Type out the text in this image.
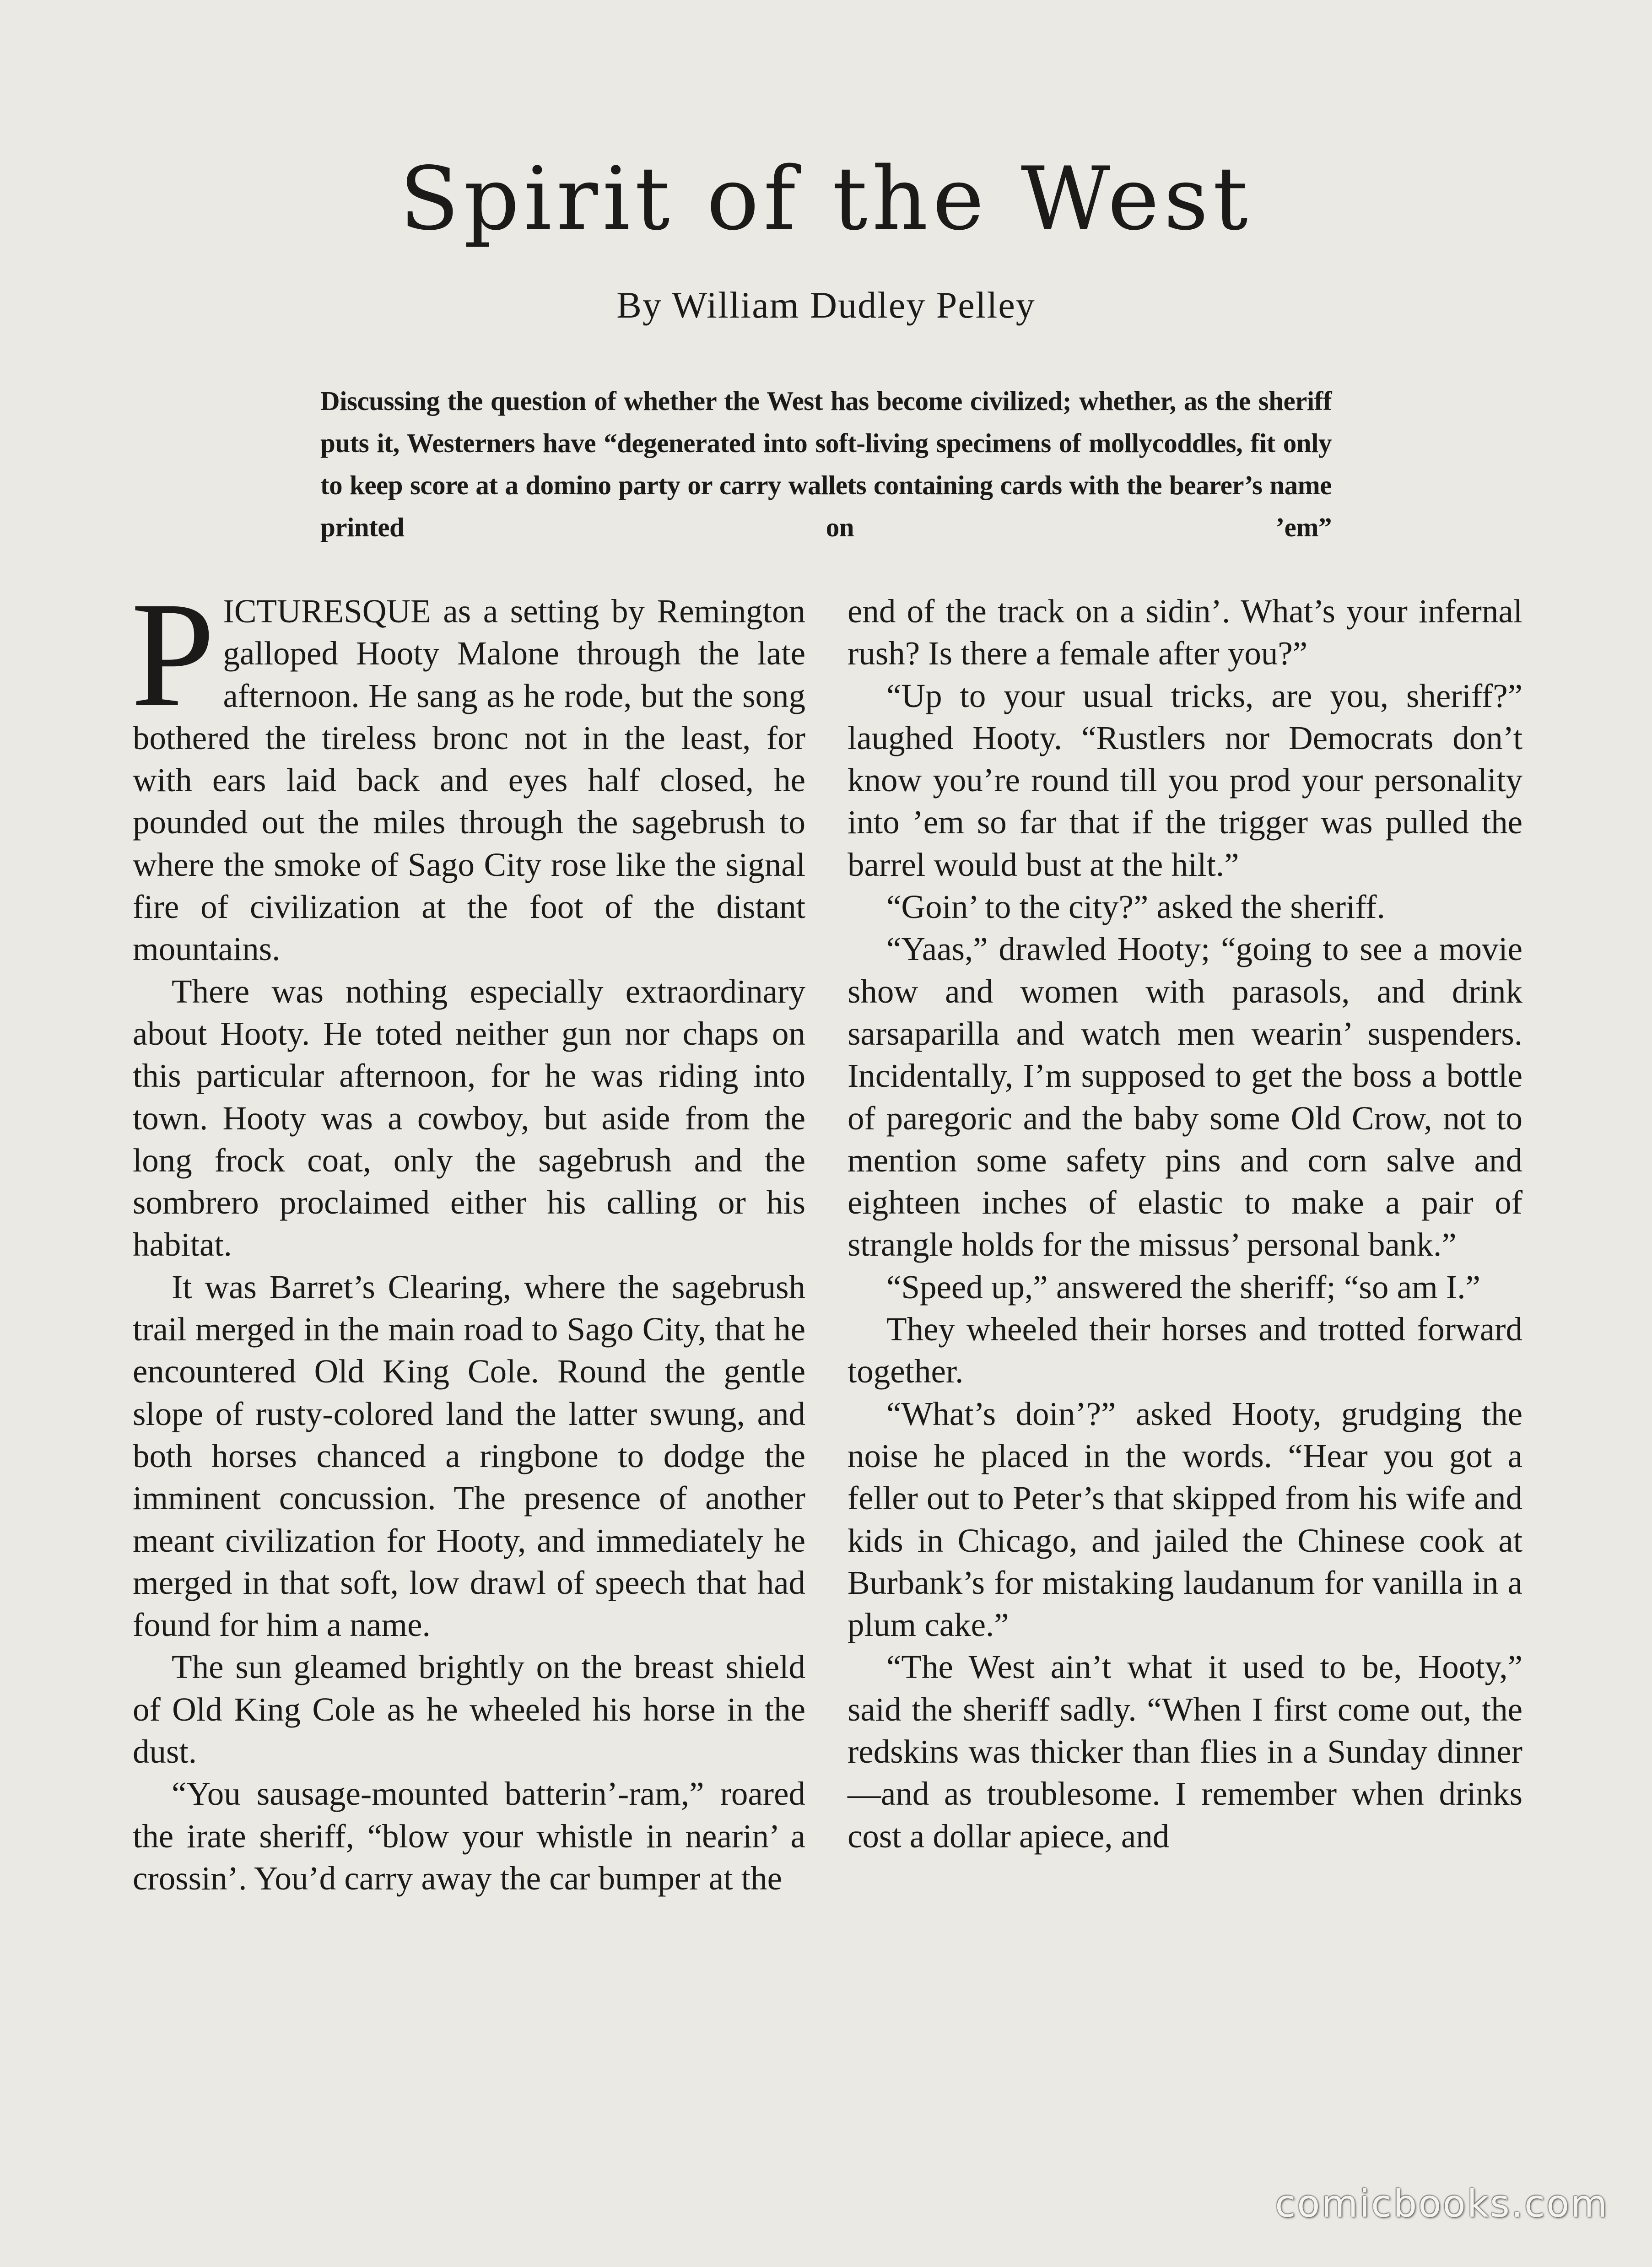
Spirit of the West
By William Dudley Pelley
Discussing the question of whether the West has become civilized; whether, as the sheriff puts it, Westerners have “degenerated into soft-living specimens of mollycoddles, fit only to keep score at a domino party or carry wallets containing cards with the bearer’s name printed on ’em”

PICTURESQUE as a setting by Remington galloped Hooty Malone through the late afternoon. He sang as he rode, but the song bothered the tireless bronc not in the least, for with ears laid back and eyes half closed, he pounded out the miles through the sagebrush to where the smoke of Sago City rose like the signal fire of civilization at the foot of the distant mountains.

There was nothing especially extraordinary about Hooty. He toted neither gun nor chaps on this particular afternoon, for he was riding into town. Hooty was a cowboy, but aside from the long frock coat, only the sagebrush and the sombrero proclaimed either his calling or his habitat.

It was Barret’s Clearing, where the sagebrush trail merged in the main road to Sago City, that he encountered Old King Cole. Round the gentle slope of rusty-colored land the latter swung, and both horses chanced a ringbone to dodge the imminent concussion. The presence of another meant civilization for Hooty, and immediately he merged in that soft, low drawl of speech that had found for him a name.

The sun gleamed brightly on the breast shield of Old King Cole as he wheeled his horse in the dust.

“You sausage-mounted batterin’-ram,” roared the irate sheriff, “blow your whistle in nearin’ a crossin’. You’d carry away the car bumper at the

end of the track on a sidin’. What’s your infernal rush? Is there a female after you?”

“Up to your usual tricks, are you, sheriff?” laughed Hooty. “Rustlers nor Democrats don’t know you’re round till you prod your personality into ’em so far that if the trigger was pulled the barrel would bust at the hilt.”

“Goin’ to the city?” asked the sheriff.

“Yaas,” drawled Hooty; “going to see a movie show and women with parasols, and drink sarsaparilla and watch men wearin’ suspenders. Incidentally, I’m supposed to get the boss a bottle of paregoric and the baby some Old Crow, not to mention some safety pins and corn salve and eighteen inches of elastic to make a pair of strangle holds for the missus’ personal bank.”

“Speed up,” answered the sheriff; “so am I.”

They wheeled their horses and trotted forward together.

“What’s doin’?” asked Hooty, grudging the noise he placed in the words. “Hear you got a feller out to Peter’s that skipped from his wife and kids in Chicago, and jailed the Chinese cook at Burbank’s for mistaking laudanum for vanilla in a plum cake.”

“The West ain’t what it used to be, Hooty,” said the sheriff sadly. “When I first come out, the redskins was thicker than flies in a Sunday dinner—and as troublesome. I remember when drinks cost a dollar apiece, and

comicbooks.com
